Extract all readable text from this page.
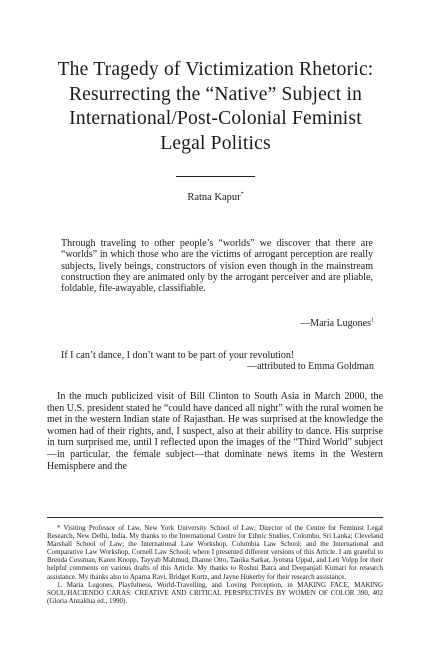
The Tragedy of Victimization Rhetoric:
Resurrecting the “Native” Subject in
International/Post-Colonial Feminist
Legal Politics
Ratna Kapur*
Through traveling to other people’s “worlds” we discover that there are “worlds” in which those who are the victims of arrogant perception are really subjects, lively beings, constructors of vision even though in the mainstream construction they are animated only by the arrogant perceiver and are pliable, foldable, file-awayable, classifiable.
—Maria Lugones$^1$
If I can’t dance, I don’t want to be part of your revolution!
—attributed to Emma Goldman

In the much publicized visit of Bill Clinton to South Asia in March 2000, the then U.S. president stated he “could have danced all night” with the rural women he met in the western Indian state of Rajasthan. He was surprised at the knowledge the women had of their rights, and, I suspect, also at their ability to dance. His surprise in turn surprised me, until I reflected upon the images of the “Third World” subject—in particular, the female subject—that dominate news items in the Western Hemisphere and the

* Visiting Professor of Law, New York University School of Law; Director of the Centre for Feminist Legal Research, New Delhi, India. My thanks to the International Centre for Ethnic Studies, Colombo, Sri Lanka; Cleveland Marshall School of Law; the International Law Workshop, Columbia Law School; and the International and Comparative Law Workshop, Cornell Law School; where I presented different versions of this Article. I am grateful to Brenda Cossman, Karen Knopp, Tayyab Mahmud, Dianne Otto, Tanika Sarkar, Jyotsna Uppal, and Leti Volpp for their helpful comments on various drafts of this Article. My thanks to Roshni Batra and Deepanjali Kumari for research assistance. My thanks also to Aparna Ravi, Bridget Kurtz, and Jayne Hukerby for their research assistance.

1. Maria Lugones, Playfulness, World-Travelling, and Loving Perception, in MAKING FACE, MAKING SOUL/HACIENDO CARAS: CREATIVE AND CRITICAL PERSPECTIVES BY WOMEN OF COLOR 390, 402 (Gloria Anzaldua ed., 1990).
